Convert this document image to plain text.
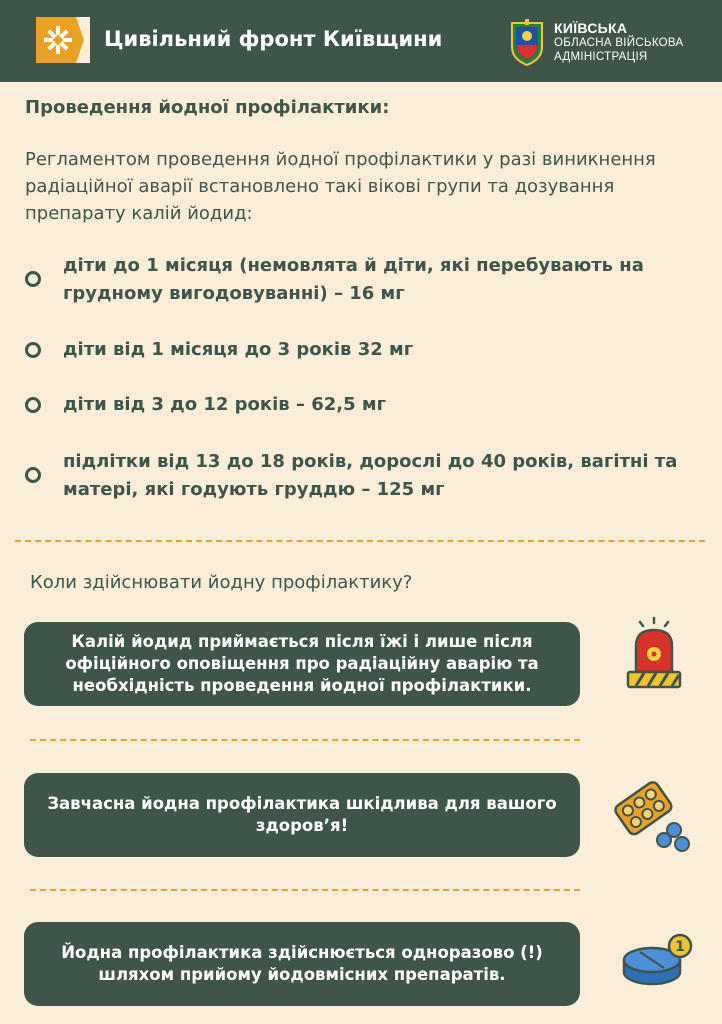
Цивільний фронт Київщини	КИЇВСЬКА
ОБЛАСНА ВІЙСЬКОВА
АДМІНІСТРАЦІЯ
Проведення йодної профілактики:
Регламентом проведення йодної профілактики у разі виникнення радіаційної аварії встановлено такі вікові групи та дозування препарату калій йодид:
діти до 1 місяця (немовлята й діти, які перебувають на грудному вигодовуванні) – 16 мг
діти від 1 місяця до 3 років 32 мг
діти від 3 до 12 років – 62,5 мг
підлітки від 13 до 18 років, дорослі до 40 років, вагітні та матері, які годують груддю – 125 мг
Коли здійснювати йодну профілактику?
Калій йодид приймається після їжі і лише після офіційного оповіщення про радіаційну аварію та необхідність проведення йодної профілактики.
Завчасна йодна профілактика шкідлива для вашого здоров’я!
Йодна профілактика здійснюється одноразово (!) шляхом прийому йодовмісних препаратів.
1
